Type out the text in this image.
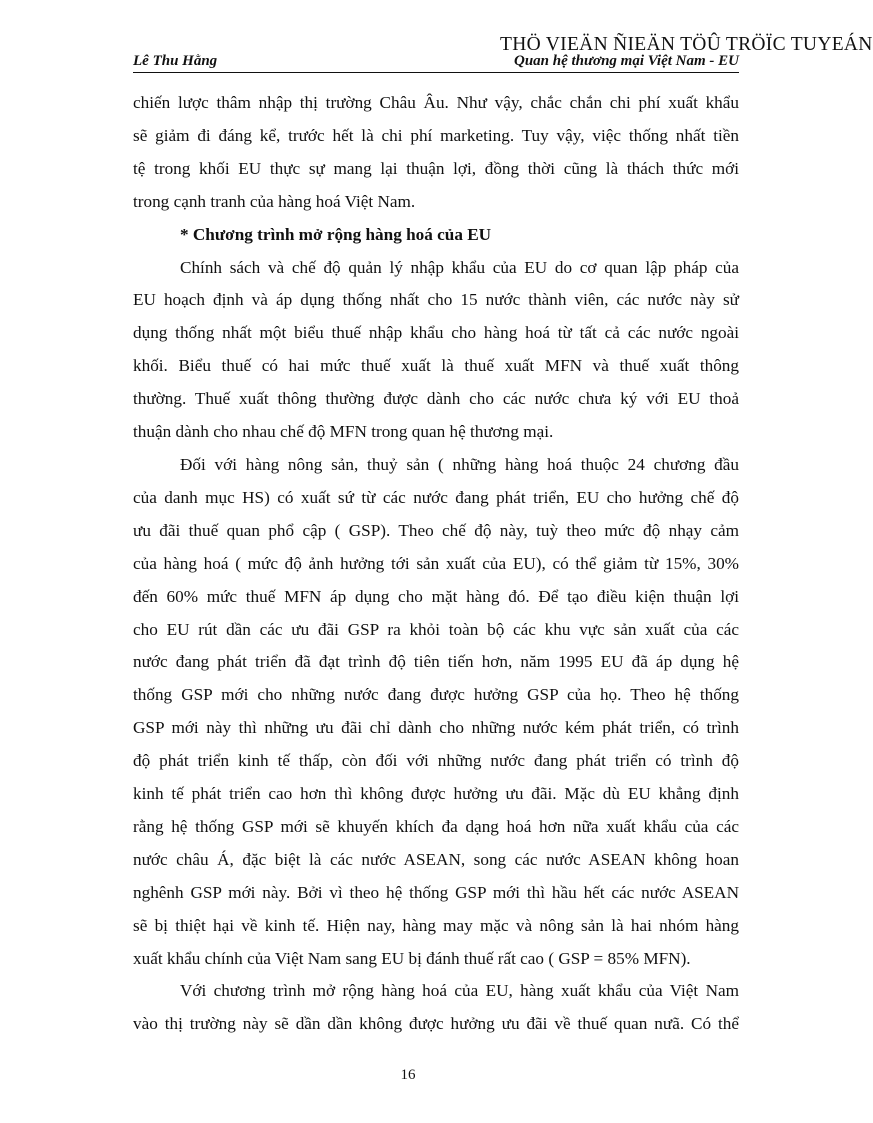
THÖ VIEÄN ÑIEÄN TÖÛ TRÖÏC TUYEÁN
Lê Thu Hằng	Quan hệ thương mại Việt Nam - EU

chiến lược thâm nhập thị trường Châu Âu. Như vậy, chắc chắn chi phí xuất khẩu
sẽ giảm đi đáng kể, trước hết là chi phí marketing. Tuy vậy, việc thống nhất tiền
tệ trong khối EU thực sự mang lại thuận lợi, đồng thời cũng là thách thức mới
trong cạnh tranh của hàng hoá Việt Nam.

* Chương trình mở rộng hàng hoá của EU

Chính sách và chế độ quản lý nhập khẩu của EU do cơ quan lập pháp của
EU hoạch định và áp dụng thống nhất cho 15 nước thành viên, các nước này sử
dụng thống nhất một biểu thuế nhập khẩu cho hàng hoá từ tất cả các nước ngoài
khối. Biểu thuế có hai mức thuế xuất là thuế xuất MFN và thuế xuất thông
thường. Thuế xuất thông thường được dành cho các nước chưa ký với EU thoả
thuận dành cho nhau chế độ MFN trong quan hệ thương mại.

Đối với hàng nông sản, thuỷ sản ( những hàng hoá thuộc 24 chương đầu
của danh mục HS) có xuất sứ từ các nước đang phát triển, EU cho hưởng chế độ
ưu đãi thuế quan phổ cập ( GSP). Theo chế độ này, tuỳ theo mức độ nhạy cảm
của hàng hoá ( mức độ ảnh hưởng tới sản xuất của EU), có thể giảm từ 15%, 30%
đến 60% mức thuế MFN áp dụng cho mặt hàng đó. Để tạo điều kiện thuận lợi
cho EU rút dần các ưu đãi GSP ra khỏi toàn bộ các khu vực sản xuất của các
nước đang phát triển đã đạt trình độ tiên tiến hơn, năm 1995 EU đã áp dụng hệ
thống GSP mới cho những nước đang được hưởng GSP của họ. Theo hệ thống
GSP mới này thì những ưu đãi chỉ dành cho những nước kém phát triển, có trình
độ phát triển kinh tế thấp, còn đối với những nước đang phát triển có trình độ
kinh tế phát triển cao hơn thì không được hưởng ưu đãi. Mặc dù EU khẳng định
rằng hệ thống GSP mới sẽ khuyến khích đa dạng hoá hơn nữa xuất khẩu của các
nước châu Á, đặc biệt là các nước ASEAN, song các nước ASEAN không hoan
nghênh GSP mới này. Bởi vì theo hệ thống GSP mới thì hầu hết các nước ASEAN
sẽ bị thiệt hại về kinh tế. Hiện nay, hàng may mặc và nông sản là hai nhóm hàng
xuất khẩu chính của Việt Nam sang EU bị đánh thuế rất cao ( GSP = 85% MFN).

Với chương trình mở rộng hàng hoá của EU, hàng xuất khẩu của Việt Nam
vào thị trường này sẽ dần dần không được hưởng ưu đãi về thuế quan nưã. Có thể

16
